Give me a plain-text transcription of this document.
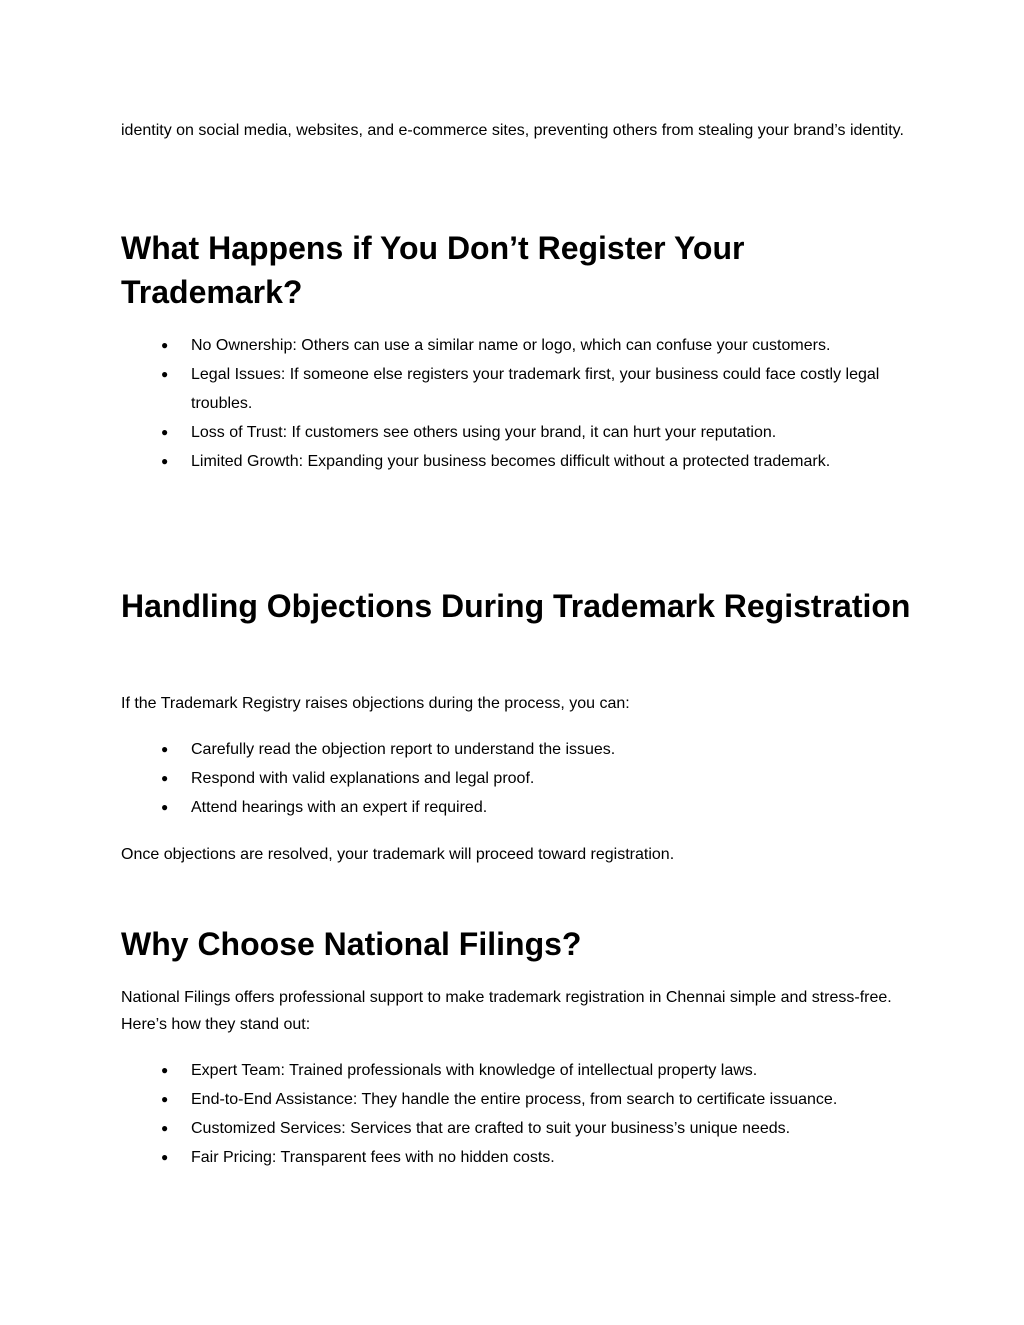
identity on social media, websites, and e-commerce sites, preventing others from stealing your brand’s identity.

What Happens if You Don’t Register Your Trademark?
● No Ownership: Others can use a similar name or logo, which can confuse your customers.
● Legal Issues: If someone else registers your trademark first, your business could face costly legal troubles.
● Loss of Trust: If customers see others using your brand, it can hurt your reputation.
● Limited Growth: Expanding your business becomes difficult without a protected trademark.
Handling Objections During Trademark Registration

If the Trademark Registry raises objections during the process, you can:

● Carefully read the objection report to understand the issues.
● Respond with valid explanations and legal proof.
● Attend hearings with an expert if required.

Once objections are resolved, your trademark will proceed toward registration.

Why Choose National Filings?

National Filings offers professional support to make trademark registration in Chennai simple and stress-free. Here’s how they stand out:

● Expert Team: Trained professionals with knowledge of intellectual property laws.
● End-to-End Assistance: They handle the entire process, from search to certificate issuance.
● Customized Services: Services that are crafted to suit your business’s unique needs.
● Fair Pricing: Transparent fees with no hidden costs.
